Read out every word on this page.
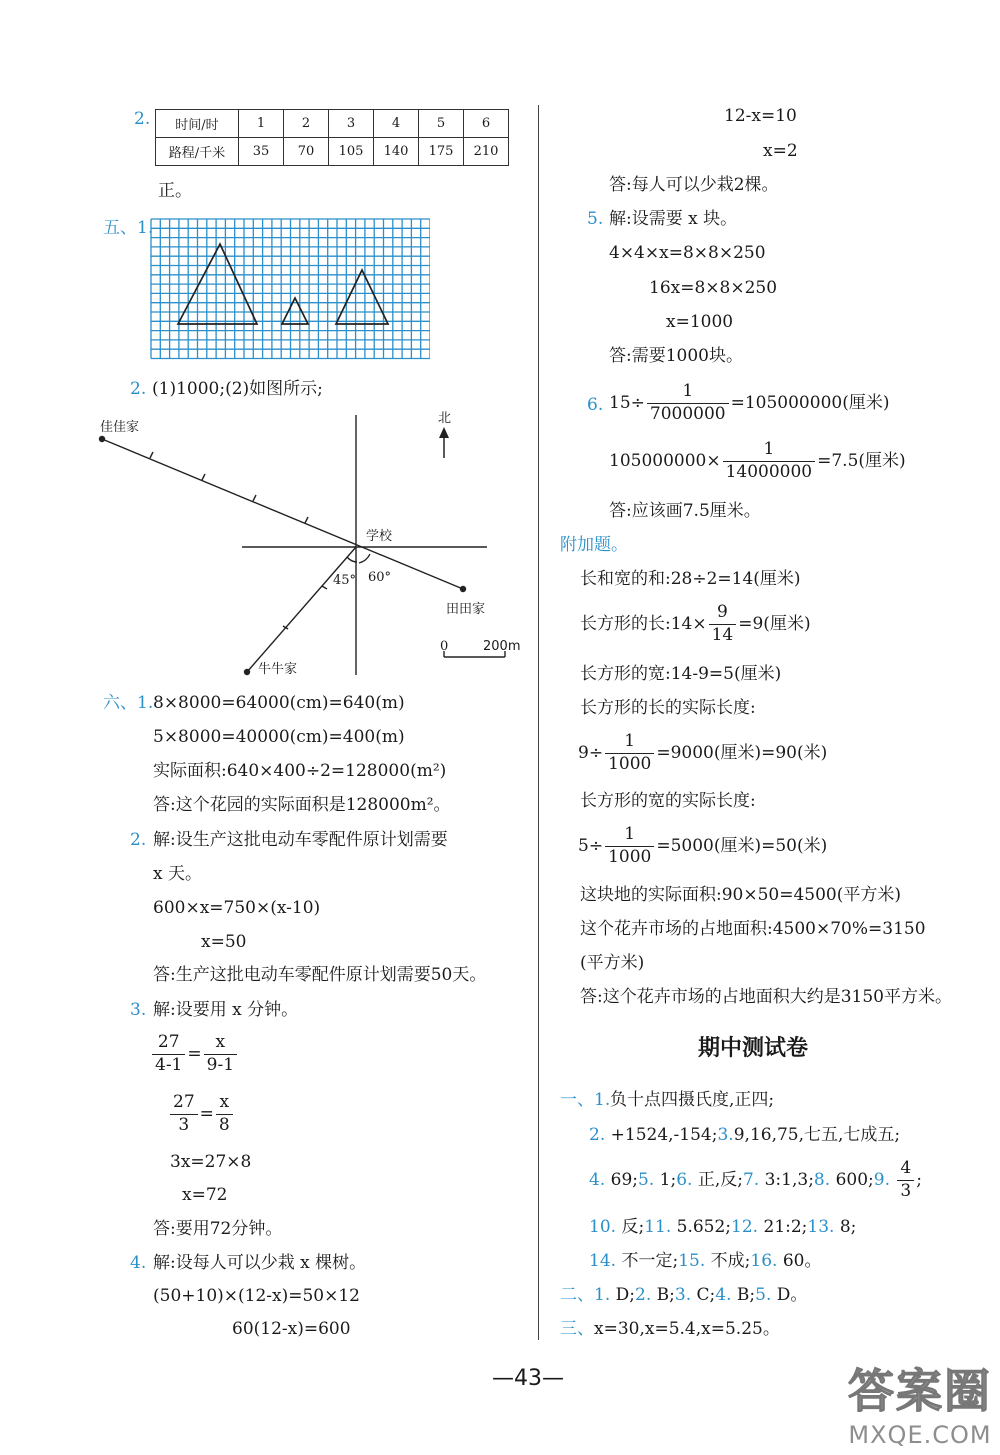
2. 时间/时	1	2	3	4	5	6
路程/千米	35	70	105	140	175	210
正。
五、1.
2. (1)1000;(2)如图所示;
佳佳家
北
学校
45° 60°
田田家
牛牛家
0	200m
六、1. 8×8000=64000(cm)=640(m)
5×8000=40000(cm)=400(m)
实际面积:640×400÷2=128000(m²)
答:这个花园的实际面积是128000m²。
2. 解:设生产这批电动车零配件原计划需要
x 天。
600×x=750×(x-10)
x=50
答:生产这批电动车零配件原计划需要50天。
3. 解:设要用 x 分钟。
$\frac{27}{4-1} = \frac{x}{9-1}$
$\frac{27}{3} = \frac{x}{8}$
3x=27×8
x=72
答:要用72分钟。
4. 解:设每人可以少栽 x 棵树。
(50+10)×(12-x)=50×12
60(12-x)=600
12-x=10
x=2
答:每人可以少栽2棵。
5. 解:设需要 x 块。
4×4×x=8×8×250
16x=8×8×250
x=1000
答:需要1000块。
6. $15\div \frac{1}{7000000} =105000000$(厘米)
$105000000\times \frac{1}{14000000} =7.5$(厘米)
答:应该画7.5厘米。
附加题。
长和宽的和:28÷2=14(厘米)
长方形的长:14× $\frac{9}{14} =9$(厘米)
长方形的宽:14-9=5(厘米)
长方形的长的实际长度:
$9\div \frac{1}{1000} =9000$(厘米)=90(米)
长方形的宽的实际长度:
$5\div \frac{1}{1000} =5000$(厘米)=50(米)
这块地的实际面积:90×50=4500(平方米)
这个花卉市场的占地面积:4500×70%=3150
(平方米)
答:这个花卉市场的占地面积大约是3150平方米。
期中测试卷
一、1. 负十点四摄氏度,正四;
2. +1524,-154;3.9,16,75,七五,七成五;
4. 69;5. 1;6. 正,反;7. 3:1,3;8. 600;9. $\frac{4}{3}$ ;
10. 反;11. 5.652;12. 21:2;13. 8;
14. 不一定;15. 不成;16. 60。
二、1. D;2. B;3. C;4. B;5. D。
三、x=30,x=5.4,x=5.25。
—43—	答案圈
MXQE.COM
